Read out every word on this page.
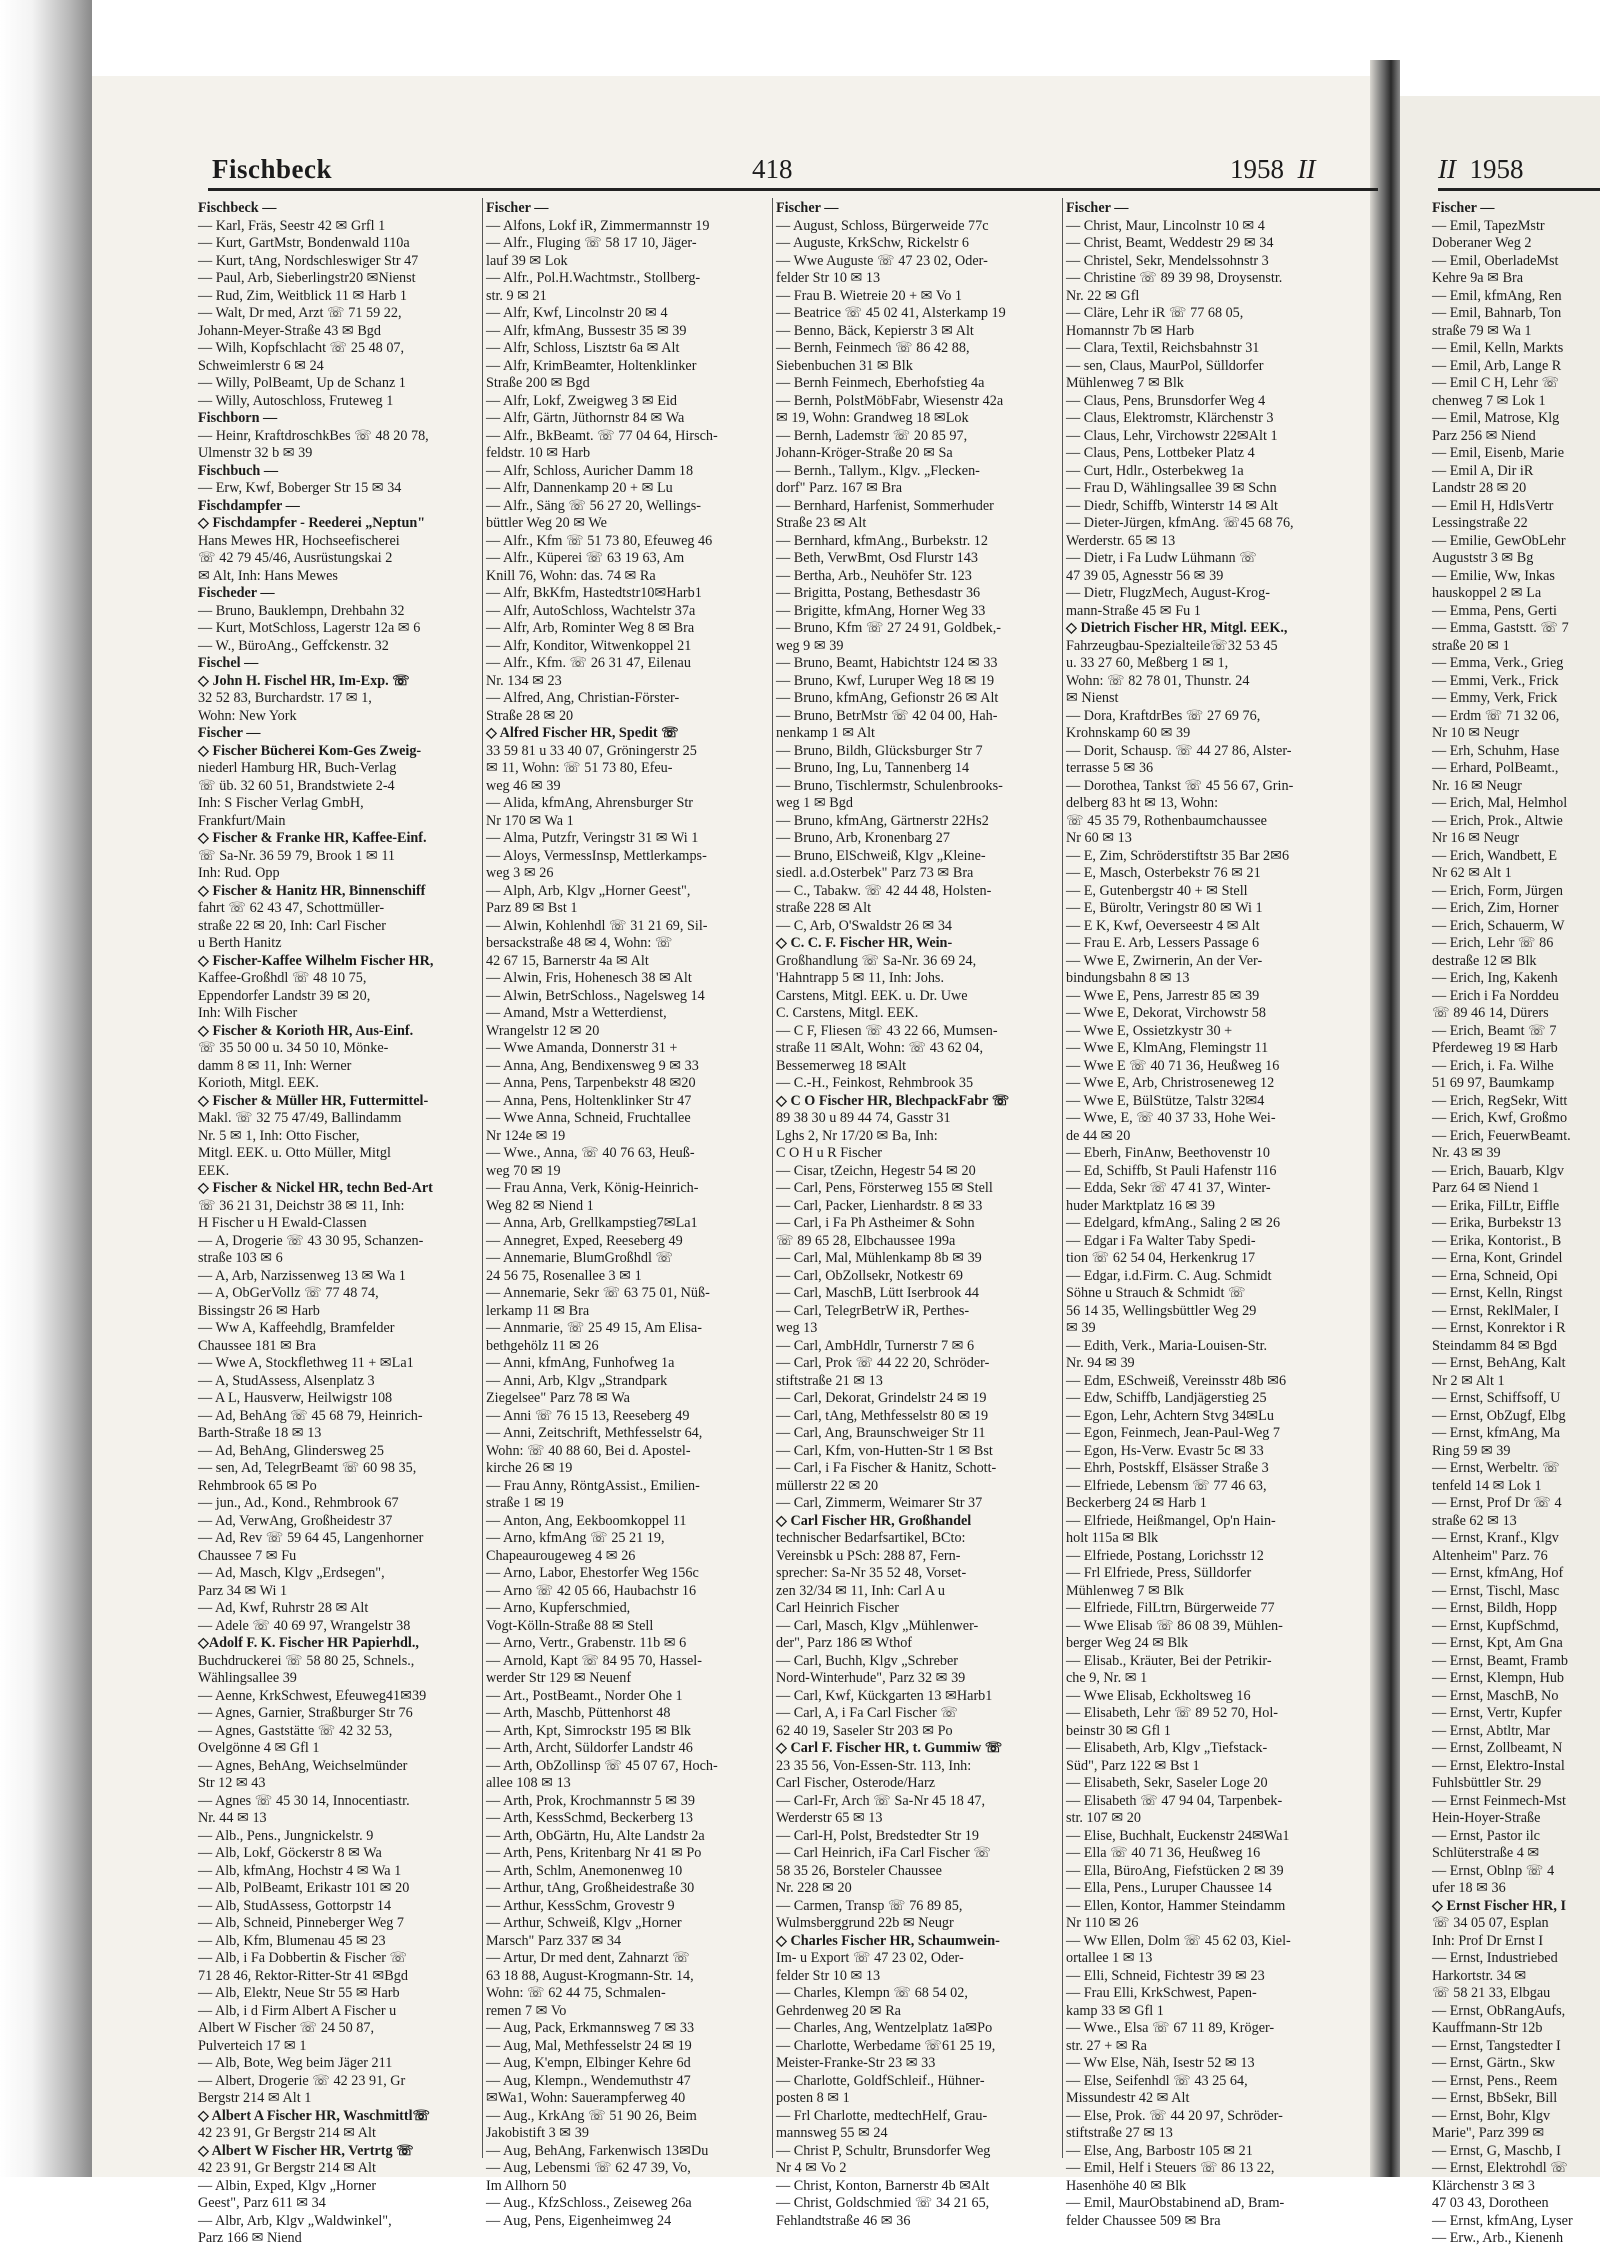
Fischbeck	418	1958 II	II 1958
Fischbeck —
— Karl, Fräs, Seestr 42 ✉ Grfl 1
— Kurt, GartMstr, Bondenwald 110a
— Kurt, tAng, Nordschleswiger Str 47
— Paul, Arb, Sieberlingstr20 ✉Nienst
— Rud, Zim, Weitblick 11 ✉ Harb 1
— Walt, Dr med, Arzt ☏ 71 59 22,
Johann-Meyer-Straße 43 ✉ Bgd
— Wilh, Kopfschlacht ☏ 25 48 07,
Schweimlerstr 6 ✉ 24
— Willy, PolBeamt, Up de Schanz 1
— Willy, Autoschloss, Fruteweg 1
Fischborn —
— Heinr, KraftdroschkBes ☏ 48 20 78,
Ulmenstr 32 b ✉ 39
Fischbuch —
— Erw, Kwf, Boberger Str 15 ✉ 34
Fischdampfer —
◇ Fischdampfer - Reederei „Neptun"
Hans Mewes HR, Hochseefischerei
☏ 42 79 45/46, Ausrüstungskai 2
✉ Alt, Inh: Hans Mewes
Fischeder —
— Bruno, Bauklempn, Drehbahn 32
— Kurt, MotSchloss, Lagerstr 12a ✉ 6
— W., BüroAng., Geffckenstr. 32
Fischel —
◇ John H. Fischel HR, Im-Exp. ☏
32 52 83, Burchardstr. 17 ✉ 1,
Wohn: New York
Fischer —
◇ Fischer Bücherei Kom-Ges Zweig-
niederl Hamburg HR, Buch-Verlag
☏ üb. 32 60 51, Brandstwiete 2-4
Inh: S Fischer Verlag GmbH,
Frankfurt/Main
◇ Fischer & Franke HR, Kaffee-Einf.
☏ Sa-Nr. 36 59 79, Brook 1 ✉ 11
Inh: Rud. Opp
◇ Fischer & Hanitz HR, Binnenschiff
fahrt ☏ 62 43 47, Schottmüller-
straße 22 ✉ 20, Inh: Carl Fischer
u Berth Hanitz
◇ Fischer-Kaffee Wilhelm Fischer HR,
Kaffee-Großhdl ☏ 48 10 75,
Eppendorfer Landstr 39 ✉ 20,
Inh: Wilh Fischer
◇ Fischer & Korioth HR, Aus-Einf.
☏ 35 50 00 u. 34 50 10, Mönke-
damm 8 ✉ 11, Inh: Werner
Korioth, Mitgl. EEK.
◇ Fischer & Müller HR, Futtermittel-
Makl. ☏ 32 75 47/49, Ballindamm
Nr. 5 ✉ 1, Inh: Otto Fischer,
Mitgl. EEK. u. Otto Müller, Mitgl
EEK.
◇ Fischer & Nickel HR, techn Bed-Art
☏ 36 21 31, Deichstr 38 ✉ 11, Inh:
H Fischer u H Ewald-Classen
— A, Drogerie ☏ 43 30 95, Schanzen-
straße 103 ✉ 6
— A, Arb, Narzissenweg 13 ✉ Wa 1
— A, ObGerVollz ☏ 77 48 74,
Bissingstr 26 ✉ Harb
— Ww A, Kaffeehdlg, Bramfelder
Chaussee 181 ✉ Bra
— Wwe A, Stockflethweg 11 + ✉La1
— A, StudAssess, Alsenplatz 3
— A L, Hausverw, Heilwigstr 108
— Ad, BehAng ☏ 45 68 79, Heinrich-
Barth-Straße 18 ✉ 13
— Ad, BehAng, Glindersweg 25
— sen, Ad, TelegrBeamt ☏ 60 98 35,
Rehmbrook 65 ✉ Po
— jun., Ad., Kond., Rehmbrook 67
— Ad, VerwAng, Großheidestr 37
— Ad, Rev ☏ 59 64 45, Langenhorner
Chaussee 7 ✉ Fu
— Ad, Masch, Klgv „Erdsegen",
Parz 34 ✉ Wi 1
— Ad, Kwf, Ruhrstr 28 ✉ Alt
— Adele ☏ 40 69 97, Wrangelstr 38
◇Adolf F. K. Fischer HR Papierhdl.,
Buchdruckerei ☏ 58 80 25, Schnels.,
Wählingsallee 39
— Aenne, KrkSchwest, Efeuweg41✉39
— Agnes, Garnier, Straßburger Str 76
— Agnes, Gaststätte ☏ 42 32 53,
Ovelgönne 4 ✉ Gfl 1
— Agnes, BehAng, Weichselmünder
Str 12 ✉ 43
— Agnes ☏ 45 30 14, Innocentiastr.
Nr. 44 ✉ 13
— Alb., Pens., Jungnickelstr. 9
— Alb, Lokf, Göckerstr 8 ✉ Wa
— Alb, kfmAng, Hochstr 4 ✉ Wa 1
— Alb, PolBeamt, Erikastr 101 ✉ 20
— Alb, StudAssess, Gottorpstr 14
— Alb, Schneid, Pinneberger Weg 7
— Alb, Kfm, Blumenau 45 ✉ 23
— Alb, i Fa Dobbertin & Fischer ☏
71 28 46, Rektor-Ritter-Str 41 ✉Bgd
— Alb, Elektr, Neue Str 55 ✉ Harb
— Alb, i d Firm Albert A Fischer u
Albert W Fischer ☏ 24 50 87,
Pulverteich 17 ✉ 1
— Alb, Bote, Weg beim Jäger 211
— Albert, Drogerie ☏ 42 23 91, Gr
Bergstr 214 ✉ Alt 1
◇ Albert A Fischer HR, Waschmittl☏
42 23 91, Gr Bergstr 214 ✉ Alt
◇ Albert W Fischer HR, Vertrtg ☏
42 23 91, Gr Bergstr 214 ✉ Alt
— Albin, Exped, Klgv „Horner
Geest", Parz 611 ✉ 34
— Albr, Arb, Klgv „Waldwinkel",
Parz 166 ✉ Niend
Fischer —
— Alfons, Lokf iR, Zimmermannstr 19
— Alfr., Fluging ☏ 58 17 10, Jäger-
lauf 39 ✉ Lok
— Alfr., Pol.H.Wachtmstr., Stollberg-
str. 9 ✉ 21
— Alfr, Kwf, Lincolnstr 20 ✉ 4
— Alfr, kfmAng, Bussestr 35 ✉ 39
— Alfr, Schloss, Lisztstr 6a ✉ Alt
— Alfr, KrimBeamter, Holtenklinker
Straße 200 ✉ Bgd
— Alfr, Lokf, Zweigweg 3 ✉ Eid
— Alfr, Gärtn, Jüthornstr 84 ✉ Wa
— Alfr., BkBeamt. ☏ 77 04 64, Hirsch-
feldstr. 10 ✉ Harb
— Alfr, Schloss, Auricher Damm 18
— Alfr, Dannenkamp 20 + ✉ Lu
— Alfr., Säng ☏ 56 27 20, Wellings-
büttler Weg 20 ✉ We
— Alfr., Kfm ☏ 51 73 80, Efeuweg 46
— Alfr., Küperei ☏ 63 19 63, Am
Knill 76, Wohn: das. 74 ✉ Ra
— Alfr, BkKfm, Hastedtstr10✉Harb1
— Alfr, AutoSchloss, Wachtelstr 37a
— Alfr, Arb, Rominter Weg 8 ✉ Bra
— Alfr, Konditor, Witwenkoppel 21
— Alfr., Kfm. ☏ 26 31 47, Eilenau
Nr. 134 ✉ 23
— Alfred, Ang, Christian-Förster-
Straße 28 ✉ 20
◇ Alfred Fischer HR, Spedit ☏
33 59 81 u 33 40 07, Gröningerstr 25
✉ 11, Wohn: ☏ 51 73 80, Efeu-
weg 46 ✉ 39
— Alida, kfmAng, Ahrensburger Str
Nr 170 ✉ Wa 1
— Alma, Putzfr, Veringstr 31 ✉ Wi 1
— Aloys, VermessInsp, Mettlerkamps-
weg 3 ✉ 26
— Alph, Arb, Klgv „Horner Geest",
Parz 89 ✉ Bst 1
— Alwin, Kohlenhdl ☏ 31 21 69, Sil-
bersackstraße 48 ✉ 4, Wohn: ☏
42 67 15, Barnerstr 4a ✉ Alt
— Alwin, Fris, Hohenesch 38 ✉ Alt
— Alwin, BetrSchloss., Nagelsweg 14
— Amand, Mstr a Wetterdienst,
Wrangelstr 12 ✉ 20
— Wwe Amanda, Donnerstr 31 +
— Anna, Ang, Bendixensweg 9 ✉ 33
— Anna, Pens, Tarpenbekstr 48 ✉20
— Anna, Pens, Holtenklinker Str 47
— Wwe Anna, Schneid, Fruchtallee
Nr 124e ✉ 19
— Wwe., Anna, ☏ 40 76 63, Heuß-
weg 70 ✉ 19
— Frau Anna, Verk, König-Heinrich-
Weg 82 ✉ Niend 1
— Anna, Arb, Grellkampstieg7✉La1
— Annegret, Exped, Reeseberg 49
— Annemarie, BlumGroßhdl ☏
24 56 75, Rosenallee 3 ✉ 1
— Annemarie, Sekr ☏ 63 75 01, Nüß-
lerkamp 11 ✉ Bra
— Annmarie, ☏ 25 49 15, Am Elisa-
bethgehölz 11 ✉ 26
— Anni, kfmAng, Funhofweg 1a
— Anni, Arb, Klgv „Strandpark
Ziegelsee" Parz 78 ✉ Wa
— Anni ☏ 76 15 13, Reeseberg 49
— Anni, Zeitschrift, Methfesselstr 64,
Wohn: ☏ 40 88 60, Bei d. Apostel-
kirche 26 ✉ 19
— Frau Anny, RöntgAssist., Emilien-
straße 1 ✉ 19
— Anton, Ang, Eekboomkoppel 11
— Arno, kfmAng ☏ 25 21 19,
Chapeaurougeweg 4 ✉ 26
— Arno, Labor, Ehestorfer Weg 156c
— Arno ☏ 42 05 66, Haubachstr 16
— Arno, Kupferschmied,
Vogt-Kölln-Straße 88 ✉ Stell
— Arno, Vertr., Grabenstr. 11b ✉ 6
— Arnold, Kapt ☏ 84 95 70, Hassel-
werder Str 129 ✉ Neuenf
— Art., PostBeamt., Norder Ohe 1
— Arth, Maschb, Püttenhorst 48
— Arth, Kpt, Simrockstr 195 ✉ Blk
— Arth, Archt, Süldorfer Landstr 46
— Arth, ObZollinsp ☏ 45 07 67, Hoch-
allee 108 ✉ 13
— Arth, Prok, Krochmannstr 5 ✉ 39
— Arth, KessSchmd, Beckerberg 13
— Arth, ObGärtn, Hu, Alte Landstr 2a
— Arth, Pens, Kritenbarg Nr 41 ✉ Po
— Arth, Schlm, Anemonenweg 10
— Arthur, tAng, Großheidestraße 30
— Arthur, KessSchm, Grovestr 9
— Arthur, Schweiß, Klgv „Horner
Marsch" Parz 337 ✉ 34
— Artur, Dr med dent, Zahnarzt ☏
63 18 88, August-Krogmann-Str. 14,
Wohn: ☏ 62 44 75, Schmalen-
remen 7 ✉ Vo
— Aug, Pack, Erkmannsweg 7 ✉ 33
— Aug, Mal, Methfesselstr 24 ✉ 19
— Aug, K'empn, Elbinger Kehre 6d
— Aug, Klempn., Wendemuthstr 47
✉Wa1, Wohn: Sauerampferweg 40
— Aug., KrkAng ☏ 51 90 26, Beim
Jakobistift 3 ✉ 39
— Aug, BehAng, Farkenwisch 13✉Du
— Aug, Lebensmi ☏ 62 47 39, Vo,
Im Allhorn 50
— Aug., KfzSchloss., Zeiseweg 26a
— Aug, Pens, Eigenheimweg 24
Fischer —
— August, Schloss, Bürgerweide 77c
— Auguste, KrkSchw, Rickelstr 6
— Wwe Auguste ☏ 47 23 02, Oder-
felder Str 10 ✉ 13
— Frau B. Wietreie 20 + ✉ Vo 1
— Beatrice ☏ 45 02 41, Alsterkamp 19
— Benno, Bäck, Kepierstr 3 ✉ Alt
— Bernh, Feinmech ☏ 86 42 88,
Siebenbuchen 31 ✉ Blk
— Bernh Feinmech, Eberhofstieg 4a
— Bernh, PolstMöbFabr, Wiesenstr 42a
✉ 19, Wohn: Grandweg 18 ✉Lok
— Bernh, Lademstr ☏ 20 85 97,
Johann-Kröger-Straße 20 ✉ Sa
— Bernh., Tallym., Klgv. „Flecken-
dorf" Parz. 167 ✉ Bra
— Bernhard, Harfenist, Sommerhuder
Straße 23 ✉ Alt
— Bernhard, kfmAng., Burbekstr. 12
— Beth, VerwBmt, Osd Flurstr 143
— Bertha, Arb., Neuhöfer Str. 123
— Brigitta, Postang, Bethesdastr 36
— Brigitte, kfmAng, Horner Weg 33
— Bruno, Kfm ☏ 27 24 91, Goldbek,-
weg 9 ✉ 39
— Bruno, Beamt, Habichtstr 124 ✉ 33
— Bruno, Kwf, Luruper Weg 18 ✉ 19
— Bruno, kfmAng, Gefionstr 26 ✉ Alt
— Bruno, BetrMstr ☏ 42 04 00, Hah-
nenkamp 1 ✉ Alt
— Bruno, Bildh, Glücksburger Str 7
— Bruno, Ing, Lu, Tannenberg 14
— Bruno, Tischlermstr, Schulenbrooks-
weg 1 ✉ Bgd
— Bruno, kfmAng, Gärtnerstr 22Hs2
— Bruno, Arb, Kronenbarg 27
— Bruno, ElSchweiß, Klgv „Kleine-
siedl. a.d.Osterbek" Parz 73 ✉ Bra
— C., Tabakw. ☏ 42 44 48, Holsten-
straße 228 ✉ Alt
— C, Arb, O'Swaldstr 26 ✉ 34
◇ C. C. F. Fischer HR, Wein-
Großhandlung ☏ Sa-Nr. 36 69 24,
'Hahntrapp 5 ✉ 11, Inh: Johs.
Carstens, Mitgl. EEK. u. Dr. Uwe
C. Carstens, Mitgl. EEK.
— C F, Fliesen ☏ 43 22 66, Mumsen-
straße 11 ✉Alt, Wohn: ☏ 43 62 04,
Bessemerweg 18 ✉Alt
— C.-H., Feinkost, Rehmbrook 35
◇ C O Fischer HR, BlechpackFabr ☏
89 38 30 u 89 44 74, Gasstr 31
Lghs 2, Nr 17/20 ✉ Ba, Inh:
C O H u R Fischer
— Cisar, tZeichn, Hegestr 54 ✉ 20
— Carl, Pens, Försterweg 155 ✉ Stell
— Carl, Packer, Lienhardstr. 8 ✉ 33
— Carl, i Fa Ph Astheimer & Sohn
☏ 89 65 28, Elbchaussee 199a
— Carl, Mal, Mühlenkamp 8b ✉ 39
— Carl, ObZollsekr, Notkestr 69
— Carl, MaschB, Lütt Iserbrook 44
— Carl, TelegrBetrW iR, Perthes-
weg 13
— Carl, AmbHdlr, Turnerstr 7 ✉ 6
— Carl, Prok ☏ 44 22 20, Schröder-
stiftstraße 21 ✉ 13
— Carl, Dekorat, Grindelstr 24 ✉ 19
— Carl, tAng, Methfesselstr 80 ✉ 19
— Carl, Ang, Braunschweiger Str 11
— Carl, Kfm, von-Hutten-Str 1 ✉ Bst
— Carl, i Fa Fischer & Hanitz, Schott-
müllerstr 22 ✉ 20
— Carl, Zimmerm, Weimarer Str 37
◇ Carl Fischer HR, Großhandel
technischer Bedarfsartikel, BCto:
Vereinsbk u PSch: 288 87, Fern-
sprecher: Sa-Nr 35 52 48, Vorset-
zen 32/34 ✉ 11, Inh: Carl A u
Carl Heinrich Fischer
— Carl, Masch, Klgv „Mühlenwer-
der", Parz 186 ✉ Wthof
— Carl, Buchh, Klgv „Schreber
Nord-Winterhude", Parz 32 ✉ 39
— Carl, Kwf, Kückgarten 13 ✉Harb1
— Carl, A, i Fa Carl Fischer ☏
62 40 19, Saseler Str 203 ✉ Po
◇ Carl F. Fischer HR, t. Gummiw ☏
23 35 56, Von-Essen-Str. 113, Inh:
Carl Fischer, Osterode/Harz
— Carl-Fr, Arch ☏ Sa-Nr 45 18 47,
Werderstr 65 ✉ 13
— Carl-H, Polst, Bredstedter Str 19
— Carl Heinrich, iFa Carl Fischer ☏
58 35 26, Borsteler Chaussee
Nr. 228 ✉ 20
— Carmen, Transp ☏ 76 89 85,
Wulmsberggrund 22b ✉ Neugr
◇ Charles Fischer HR, Schaumwein-
Im- u Export ☏ 47 23 02, Oder-
felder Str 10 ✉ 13
— Charles, Klempn ☏ 68 54 02,
Gehrdenweg 20 ✉ Ra
— Charles, Ang, Wentzelplatz 1a✉Po
— Charlotte, Werbedame ☏61 25 19,
Meister-Franke-Str 23 ✉ 33
— Charlotte, GoldfSchleif., Hühner-
posten 8 ✉ 1
— Frl Charlotte, medtechHelf, Grau-
mannsweg 55 ✉ 24
— Christ P, Schultr, Brunsdorfer Weg
Nr 4 ✉ Vo 2
— Christ, Konton, Barnerstr 4b ✉Alt
— Christ, Goldschmied ☏ 34 21 65,
Fehlandtstraße 46 ✉ 36
Fischer —
— Christ, Maur, Lincolnstr 10 ✉ 4
— Christ, Beamt, Weddestr 29 ✉ 34
— Christel, Sekr, Mendelssohnstr 3
— Christine ☏ 89 39 98, Droysenstr.
Nr. 22 ✉ Gfl
— Cläre, Lehr iR ☏ 77 68 05,
Homannstr 7b ✉ Harb
— Clara, Textil, Reichsbahnstr 31
— sen, Claus, MaurPol, Sülldorfer
Mühlenweg 7 ✉ Blk
— Claus, Pens, Brunsdorfer Weg 4
— Claus, Elektromstr, Klärchenstr 3
— Claus, Lehr, Virchowstr 22✉Alt 1
— Claus, Pens, Lottbeker Platz 4
— Curt, Hdlr., Osterbekweg 1a
— Frau D, Wählingsallee 39 ✉ Schn
— Diedr, Schiffb, Winterstr 14 ✉ Alt
— Dieter-Jürgen, kfmAng. ☏45 68 76,
Werderstr. 65 ✉ 13
— Dietr, i Fa Ludw Lühmann ☏
47 39 05, Agnesstr 56 ✉ 39
— Dietr, FlugzMech, August-Krog-
mann-Straße 45 ✉ Fu 1
◇ Dietrich Fischer HR, Mitgl. EEK.,
Fahrzeugbau-Spezialteile☏32 53 45
u. 33 27 60, Meßberg 1 ✉ 1,
Wohn: ☏ 82 78 01, Thunstr. 24
✉ Nienst
— Dora, KraftdrBes ☏ 27 69 76,
Krohnskamp 60 ✉ 39
— Dorit, Schausp. ☏ 44 27 86, Alster-
terrasse 5 ✉ 36
— Dorothea, Tankst ☏ 45 56 67, Grin-
delberg 83 ht ✉ 13, Wohn:
☏ 45 35 79, Rothenbaumchaussee
Nr 60 ✉ 13
— E, Zim, Schröderstiftstr 35 Bar 2✉6
— E, Masch, Osterbekstr 76 ✉ 21
— E, Gutenbergstr 40 + ✉ Stell
— E, Büroltr, Veringstr 80 ✉ Wi 1
— E K, Kwf, Oeverseestr 4 ✉ Alt
— Frau E. Arb, Lessers Passage 6
— Wwe E, Zwirnerin, An der Ver-
bindungsbahn 8 ✉ 13
— Wwe E, Pens, Jarrestr 85 ✉ 39
— Wwe E, Dekorat, Virchowstr 58
— Wwe E, Ossietzkystr 30 +
— Wwe E, KlmAng, Flemingstr 11
— Wwe E ☏ 40 71 36, Heußweg 16
— Wwe E, Arb, Christroseneweg 12
— Wwe E, BülStütze, Talstr 32✉4
— Wwe, E, ☏ 40 37 33, Hohe Wei-
de 44 ✉ 20
— Eberh, FinAnw, Beethovenstr 10
— Ed, Schiffb, St Pauli Hafenstr 116
— Edda, Sekr ☏ 47 41 37, Winter-
huder Marktplatz 16 ✉ 39
— Edelgard, kfmAng., Saling 2 ✉ 26
— Edgar i Fa Walter Taby Spedi-
tion ☏ 62 54 04, Herkenkrug 17
— Edgar, i.d.Firm. C. Aug. Schmidt
Söhne u Strauch & Schmidt ☏
56 14 35, Wellingsbüttler Weg 29
✉ 39
— Edith, Verk., Maria-Louisen-Str.
Nr. 94 ✉ 39
— Edm, ESchweiß, Vereinsstr 48b ✉6
— Edw, Schiffb, Landjägerstieg 25
— Egon, Lehr, Achtern Stvg 34✉Lu
— Egon, Feinmech, Jean-Paul-Weg 7
— Egon, Hs-Verw. Evastr 5c ✉ 33
— Ehrh, Postskff, Elsässer Straße 3
— Elfriede, Lebensm ☏ 77 46 63,
Beckerberg 24 ✉ Harb 1
— Elfriede, Heißmangel, Op'n Hain-
holt 115a ✉ Blk
— Elfriede, Postang, Lorichsstr 12
— Frl Elfriede, Press, Sülldorfer
Mühlenweg 7 ✉ Blk
— Elfriede, FilLtrn, Bürgerweide 77
— Wwe Elisab ☏ 86 08 39, Mühlen-
berger Weg 24 ✉ Blk
— Elisab., Kräuter, Bei der Petrikir-
che 9, Nr. ✉ 1
— Wwe Elisab, Eckholtsweg 16
— Elisabeth, Lehr ☏ 89 52 70, Hol-
beinstr 30 ✉ Gfl 1
— Elisabeth, Arb, Klgv „Tiefstack-
Süd", Parz 122 ✉ Bst 1
— Elisabeth, Sekr, Saseler Loge 20
— Elisabeth ☏ 47 94 04, Tarpenbek-
str. 107 ✉ 20
— Elise, Buchhalt, Euckenstr 24✉Wa1
— Ella ☏ 40 71 36, Heußweg 16
— Ella, BüroAng, Fiefstücken 2 ✉ 39
— Ella, Pens., Luruper Chaussee 14
— Ellen, Kontor, Hammer Steindamm
Nr 110 ✉ 26
— Ww Ellen, Dolm ☏ 45 62 03, Kiel-
ortallee 1 ✉ 13
— Elli, Schneid, Fichtestr 39 ✉ 23
— Frau Elli, KrkSchwest, Papen-
kamp 33 ✉ Gfl 1
— Wwe., Elsa ☏ 67 11 89, Kröger-
str. 27 + ✉ Ra
— Ww Else, Näh, Isestr 52 ✉ 13
— Else, Seifenhdl ☏ 43 25 64,
Missundestr 42 ✉ Alt
— Else, Prok. ☏ 44 20 97, Schröder-
stiftstraße 27 ✉ 13
— Else, Ang, Barbostr 105 ✉ 21
— Emil, Helf i Steuers ☏ 86 13 22,
Hasenhöhe 40 ✉ Blk
— Emil, MaurObstabinend aD, Bram-
felder Chaussee 509 ✉ Bra
Fischer —
— Emil, TapezMstr
Doberaner Weg 2
— Emil, OberladeMst
Kehre 9a ✉ Bra
— Emil, kfmAng, Ren
— Emil, Bahnarb, Ton
straße 79 ✉ Wa 1
— Emil, Kelln, Markts
— Emil, Arb, Lange R
— Emil C H, Lehr ☏
chenweg 7 ✉ Lok 1
— Emil, Matrose, Klg
Parz 256 ✉ Niend
— Emil, Eisenb, Marie
— Emil A, Dir iR
Landstr 28 ✉ 20
— Emil H, HdlsVertr
Lessingstraße 22
— Emilie, GewObLehr
Auguststr 3 ✉ Bg
— Emilie, Ww, Inkas
hauskoppel 2 ✉ La
— Emma, Pens, Gerti
— Emma, Gaststt. ☏ 7
straße 20 ✉ 1
— Emma, Verk., Grieg
— Emmi, Verk., Frick
— Emmy, Verk, Frick
— Erdm ☏ 71 32 06,
Nr 10 ✉ Neugr
— Erh, Schuhm, Hase
— Erhard, PolBeamt.,
Nr. 16 ✉ Neugr
— Erich, Mal, Helmhol
— Erich, Prok., Altwie
Nr 16 ✉ Neugr
— Erich, Wandbett, E
Nr 62 ✉ Alt 1
— Erich, Form, Jürgen
— Erich, Zim, Horner
— Erich, Schauerm, W
— Erich, Lehr ☏ 86
destraße 12 ✉ Blk
— Erich, Ing, Kakenh
— Erich i Fa Norddeu
☏ 89 46 14, Dürers
— Erich, Beamt ☏ 7
Pferdeweg 19 ✉ Harb
— Erich, i. Fa. Wilhe
51 69 97, Baumkamp
— Erich, RegSekr, Witt
— Erich, Kwf, Großmo
— Erich, FeuerwBeamt.
Nr. 43 ✉ 39
— Erich, Bauarb, Klgv
Parz 64 ✉ Niend 1
— Erika, FilLtr, Eiffle
— Erika, Burbekstr 13
— Erika, Kontorist., B
— Erna, Kont, Grindel
— Erna, Schneid, Opi
— Ernst, Kelln, Ringst
— Ernst, ReklMaler, I
— Ernst, Konrektor i R
Steindamm 84 ✉ Bgd
— Ernst, BehAng, Kalt
Nr 2 ✉ Alt 1
— Ernst, Schiffsoff, U
— Ernst, ObZugf, Elbg
— Ernst, kfmAng, Ma
Ring 59 ✉ 39
— Ernst, Werbeltr. ☏
tenfeld 14 ✉ Lok 1
— Ernst, Prof Dr ☏ 4
straße 62 ✉ 13
— Ernst, Kranf., Klgv
Altenheim" Parz. 76
— Ernst, kfmAng, Hof
— Ernst, Tischl, Masc
— Ernst, Bildh, Hopp
— Ernst, KupfSchmd,
— Ernst, Kpt, Am Gna
— Ernst, Beamt, Framb
— Ernst, Klempn, Hub
— Ernst, MaschB, No
— Ernst, Vertr, Kupfer
— Ernst, Abtltr, Mar
— Ernst, Zollbeamt, N
— Ernst, Elektro-Instal
Fuhlsbüttler Str. 29
— Ernst Feinmech-Mst
Hein-Hoyer-Straße
— Ernst, Pastor ilc
Schlüterstraße 4 ✉
— Ernst, Oblnp ☏ 4
ufer 18 ✉ 36
◇ Ernst Fischer HR, I
☏ 34 05 07, Esplan
Inh: Prof Dr Ernst I
— Ernst, Industriebed
Harkortstr. 34 ✉
☏ 58 21 33, Elbgau
— Ernst, ObRangAufs,
Kauffmann-Str 12b
— Ernst, Tangstedter I
— Ernst, Gärtn., Skw
— Ernst, Pens., Reem
— Ernst, BbSekr, Bill
— Ernst, Bohr, Klgv
Marie", Parz 399 ✉
— Ernst, G, Maschb, I
— Ernst, Elektrohdl ☏
Klärchenstr 3 ✉ 3
47 03 43, Dorotheen
— Ernst, kfmAng, Lyser
— Erw., Arb., Kienenh
